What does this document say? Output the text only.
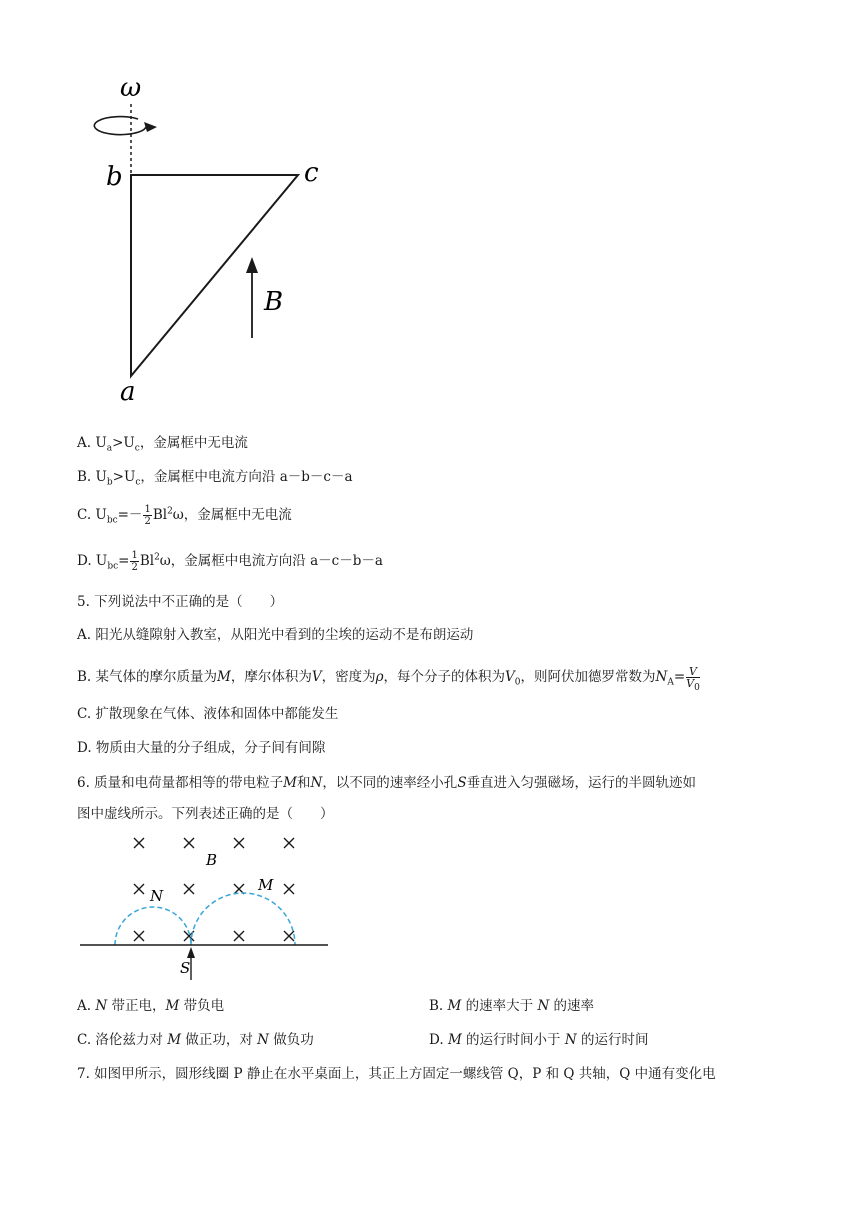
ω
b	c
a
B
A. $U_a>U_c$，金属框中无电流
B. $U_b>U_c$，金属框中电流方向沿 a－b－c－a
C. $U_{bc}=- \frac{1}{2} Bl^2\omega$，金属框中无电流
D. $U_{bc}= \frac{1}{2} Bl^2\omega$，金属框中电流方向沿 a－c－b－a
5. 下列说法中不正确的是（　　）
A. 阳光从缝隙射入教室，从阳光中看到的尘埃的运动不是布朗运动
B. 某气体的摩尔质量为M，摩尔体积为V，密度为ρ，每个分子的体积为$V_0$，则阿伏加德罗常数为$N_A= \frac{V}{V_0}$
C. 扩散现象在气体、液体和固体中都能发生
D. 物质由大量的分子组成，分子间有间隙
6. 质量和电荷量都相等的带电粒子M和N，以不同的速率经小孔S垂直进入匀强磁场，运行的半圆轨迹如
图中虚线所示。下列表述正确的是（　　）
B
N
M
S
A. N 带正电，M 带负电	B. M 的速率大于 N 的速率
C. 洛伦兹力对 M 做正功，对 N 做负功	D. M 的运行时间小于 N 的运行时间
7. 如图甲所示，圆形线圈 P 静止在水平桌面上，其正上方固定一螺线管 Q，P 和 Q 共轴，Q 中通有变化电
